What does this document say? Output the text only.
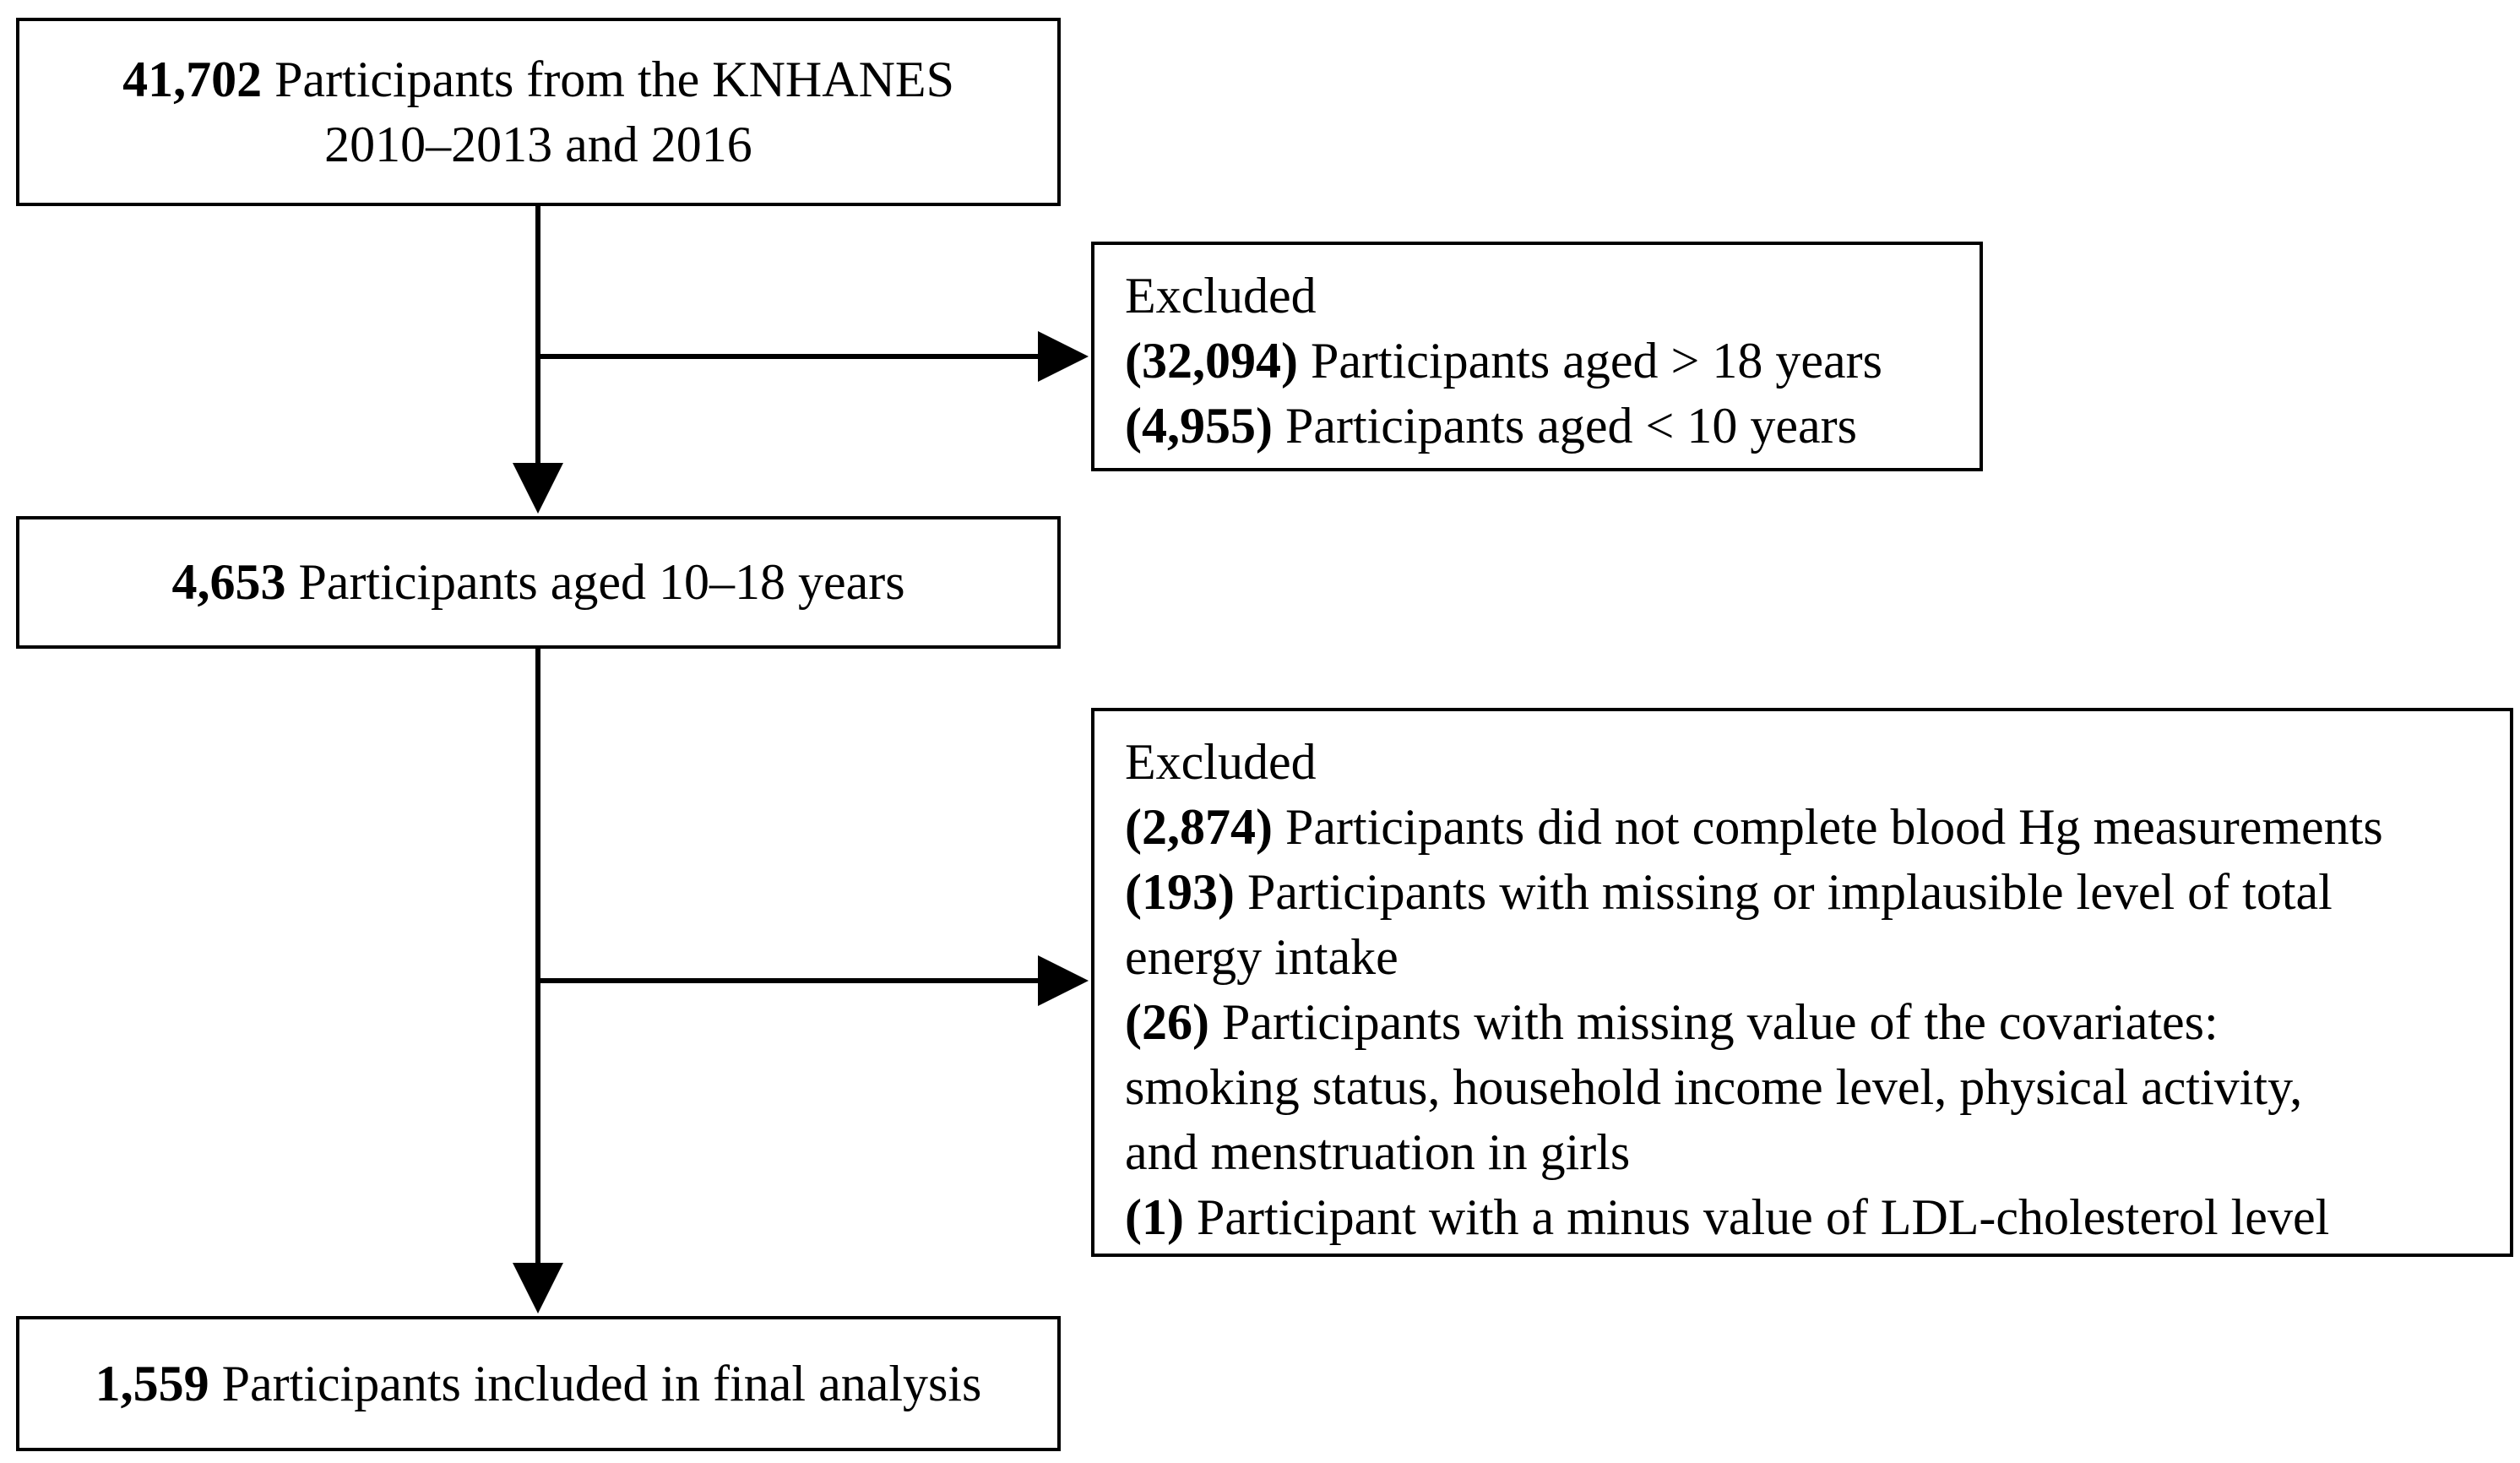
41,702 Participants from the KNHANES
2010–2013 and 2016
Excluded
(32,094) Participants aged > 18 years
(4,955) Participants aged < 10 years
4,653 Participants aged 10–18 years
Excluded
(2,874) Participants did not complete blood Hg measurements
(193) Participants with missing or implausible level of total
energy intake
(26) Participants with missing value of the covariates:
smoking status, household income level, physical activity,
and menstruation in girls
(1) Participant with a minus value of LDL-cholesterol level
1,559 Participants included in final analysis
